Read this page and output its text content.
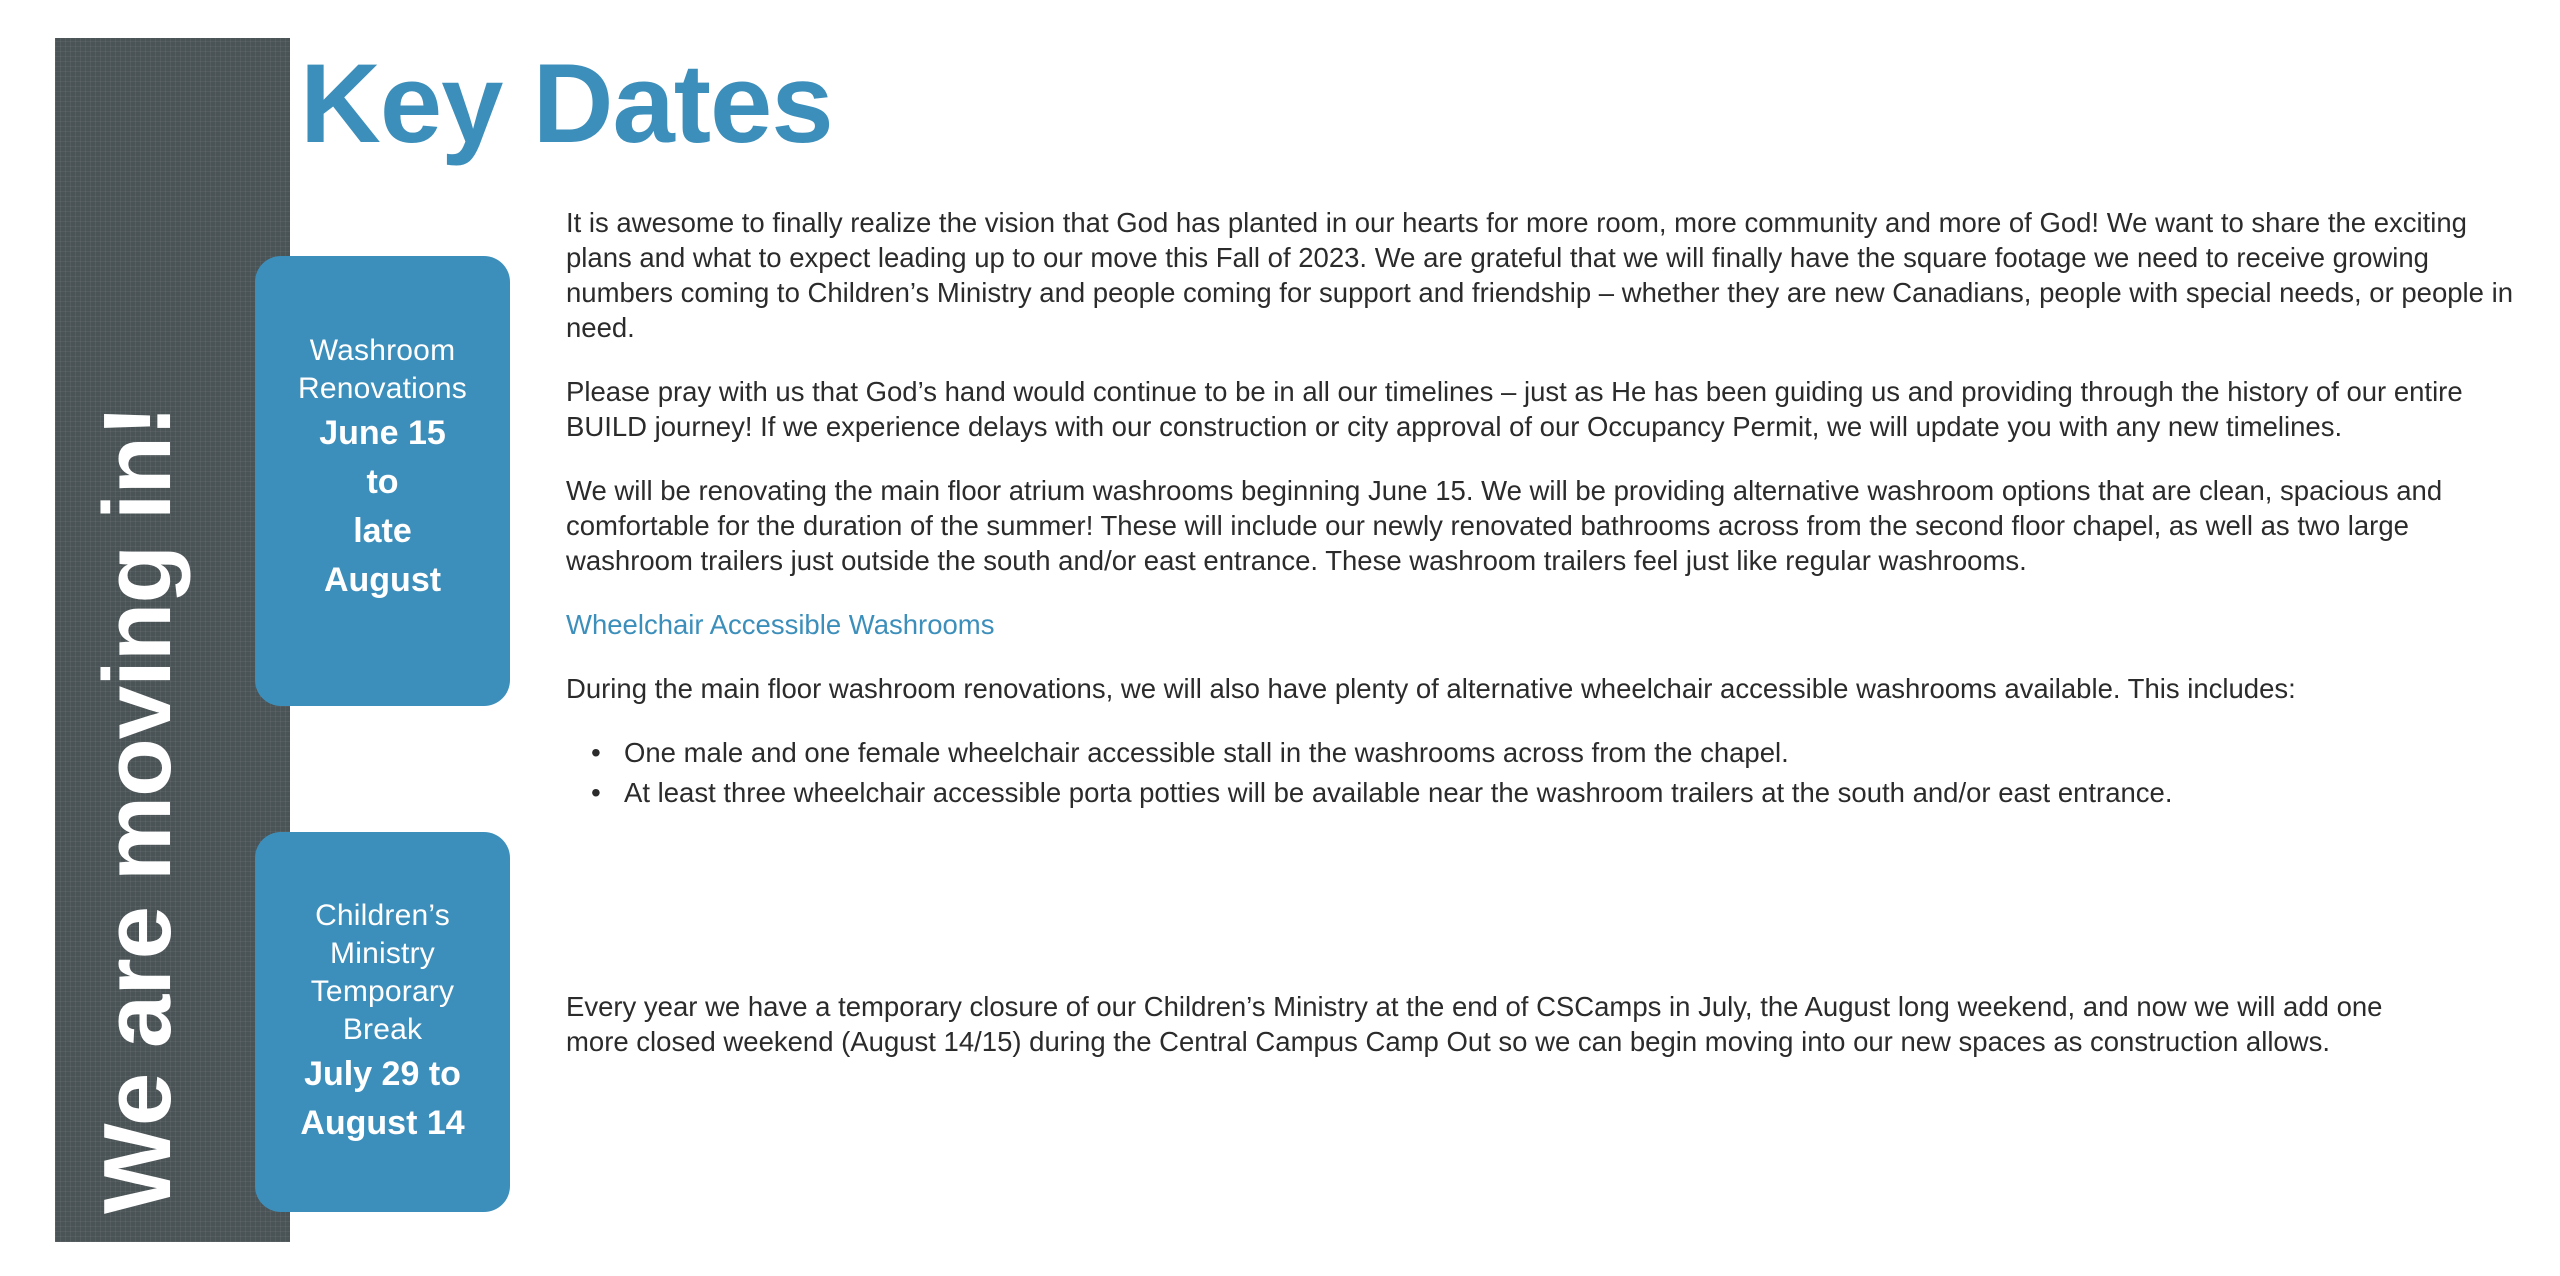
We are moving in!
Washroom
Renovations
June 15
to
late
August
Children’s
Ministry
Temporary
Break
July 29 to
August 14
Key Dates

It is awesome to finally realize the vision that God has planted in our hearts for more room, more community and more of God! We want to share the exciting plans and what to expect leading up to our move this Fall of 2023. We are grateful that we will finally have the square footage we need to receive growing numbers coming to Children’s Ministry and people coming for support and friendship – whether they are new Canadians, people with special needs, or people in need.

Please pray with us that God’s hand would continue to be in all our timelines – just as He has been guiding us and providing through the history of our entire BUILD journey! If we experience delays with our construction or city approval of our Occupancy Permit, we will update you with any new timelines.

We will be renovating the main floor atrium washrooms beginning June 15. We will be providing alternative washroom options that are clean, spacious and comfortable for the duration of the summer! These will include our newly renovated bathrooms across from the second floor chapel, as well as two large washroom trailers just outside the south and/or east entrance. These washroom trailers feel just like regular washrooms.

Wheelchair Accessible Washrooms

During the main floor washroom renovations, we will also have plenty of alternative wheelchair accessible washrooms available. This includes:

• One male and one female wheelchair accessible stall in the washrooms across from the chapel.
• At least three wheelchair accessible porta potties will be available near the washroom trailers at the south and/or east entrance.
Every year we have a temporary closure of our Children’s Ministry at the end of CSCamps in July, the August long weekend, and now we will add one more closed weekend (August 14/15) during the Central Campus Camp Out so we can begin moving into our new spaces as construction allows.
